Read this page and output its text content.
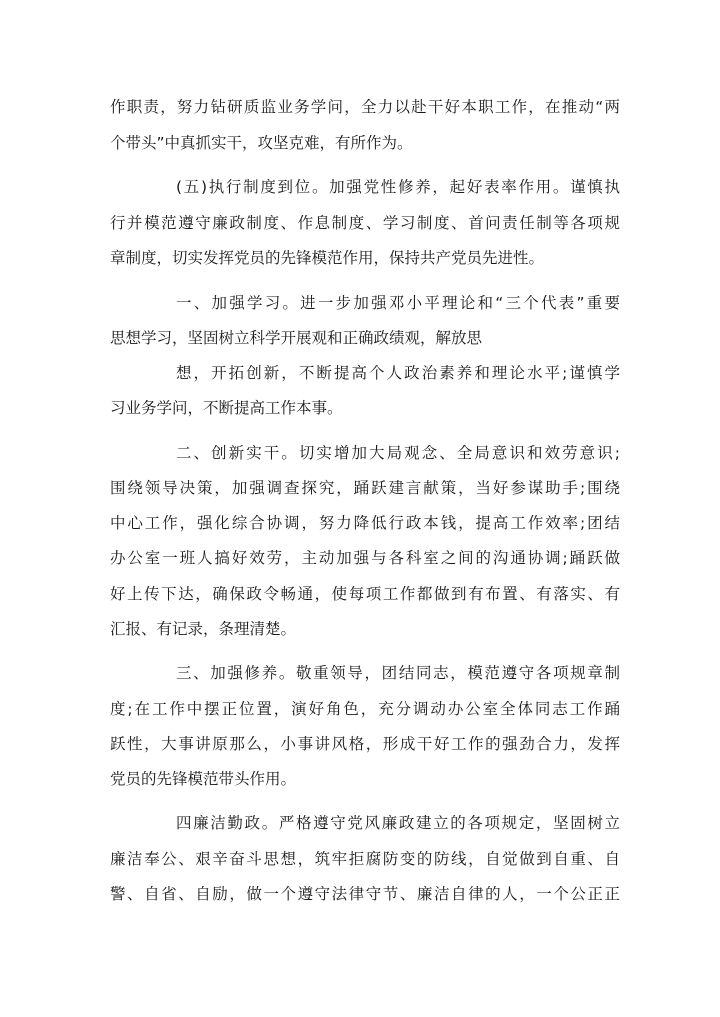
作职责，努力钻研质监业务学问，全力以赴干好本职工作，在推动“两
个带头”中真抓实干，攻坚克难，有所作为。
(五)执行制度到位。加强党性修养，起好表率作用。谨慎执
行并模范遵守廉政制度、作息制度、学习制度、首问责任制等各项规
章制度，切实发挥党员的先锋模范作用，保持共产党员先进性。
一、加强学习。进一步加强邓小平理论和“三个代表”重要
思想学习，坚固树立科学开展观和正确政绩观，解放思
想，开拓创新，不断提高个人政治素养和理论水平;谨慎学
习业务学问，不断提高工作本事。
二、创新实干。切实增加大局观念、全局意识和效劳意识;
围绕领导决策，加强调查探究，踊跃建言献策，当好参谋助手;围绕
中心工作，强化综合协调，努力降低行政本钱，提高工作效率;团结
办公室一班人搞好效劳，主动加强与各科室之间的沟通协调;踊跃做
好上传下达，确保政令畅通，使每项工作都做到有布置、有落实、有
汇报、有记录，条理清楚。
三、加强修养。敬重领导，团结同志，模范遵守各项规章制
度;在工作中摆正位置，演好角色，充分调动办公室全体同志工作踊
跃性，大事讲原那么，小事讲风格，形成干好工作的强劲合力，发挥
党员的先锋模范带头作用。
四廉洁勤政。严格遵守党风廉政建立的各项规定，坚固树立
廉洁奉公、艰辛奋斗思想，筑牢拒腐防变的防线，自觉做到自重、自
警、自省、自励，做一个遵守法律守节、廉洁自律的人，一个公正正
